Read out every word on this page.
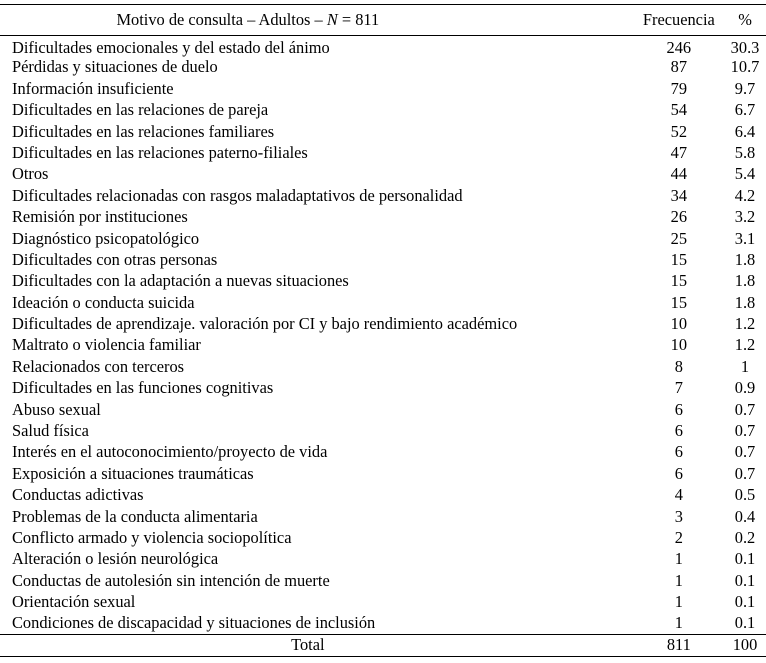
Motivo de consulta – Adultos – N = 811	Frecuencia	%
Dificultades emocionales y del estado del ánimo	246	30.3
Pérdidas y situaciones de duelo	87	10.7
Información insuficiente	79	9.7
Dificultades en las relaciones de pareja	54	6.7
Dificultades en las relaciones familiares	52	6.4
Dificultades en las relaciones paterno-filiales	47	5.8
Otros	44	5.4
Dificultades relacionadas con rasgos maladaptativos de personalidad	34	4.2
Remisión por instituciones	26	3.2
Diagnóstico psicopatológico	25	3.1
Dificultades con otras personas	15	1.8
Dificultades con la adaptación a nuevas situaciones	15	1.8
Ideación o conducta suicida	15	1.8
Dificultades de aprendizaje. valoración por CI y bajo rendimiento académico	10	1.2
Maltrato o violencia familiar	10	1.2
Relacionados con terceros	8	1
Dificultades en las funciones cognitivas	7	0.9
Abuso sexual	6	0.7
Salud física	6	0.7
Interés en el autoconocimiento/proyecto de vida	6	0.7
Exposición a situaciones traumáticas	6	0.7
Conductas adictivas	4	0.5
Problemas de la conducta alimentaria	3	0.4
Conflicto armado y violencia sociopolítica	2	0.2
Alteración o lesión neurológica	1	0.1
Conductas de autolesión sin intención de muerte	1	0.1
Orientación sexual	1	0.1
Condiciones de discapacidad y situaciones de inclusión	1	0.1
Total	811	100
